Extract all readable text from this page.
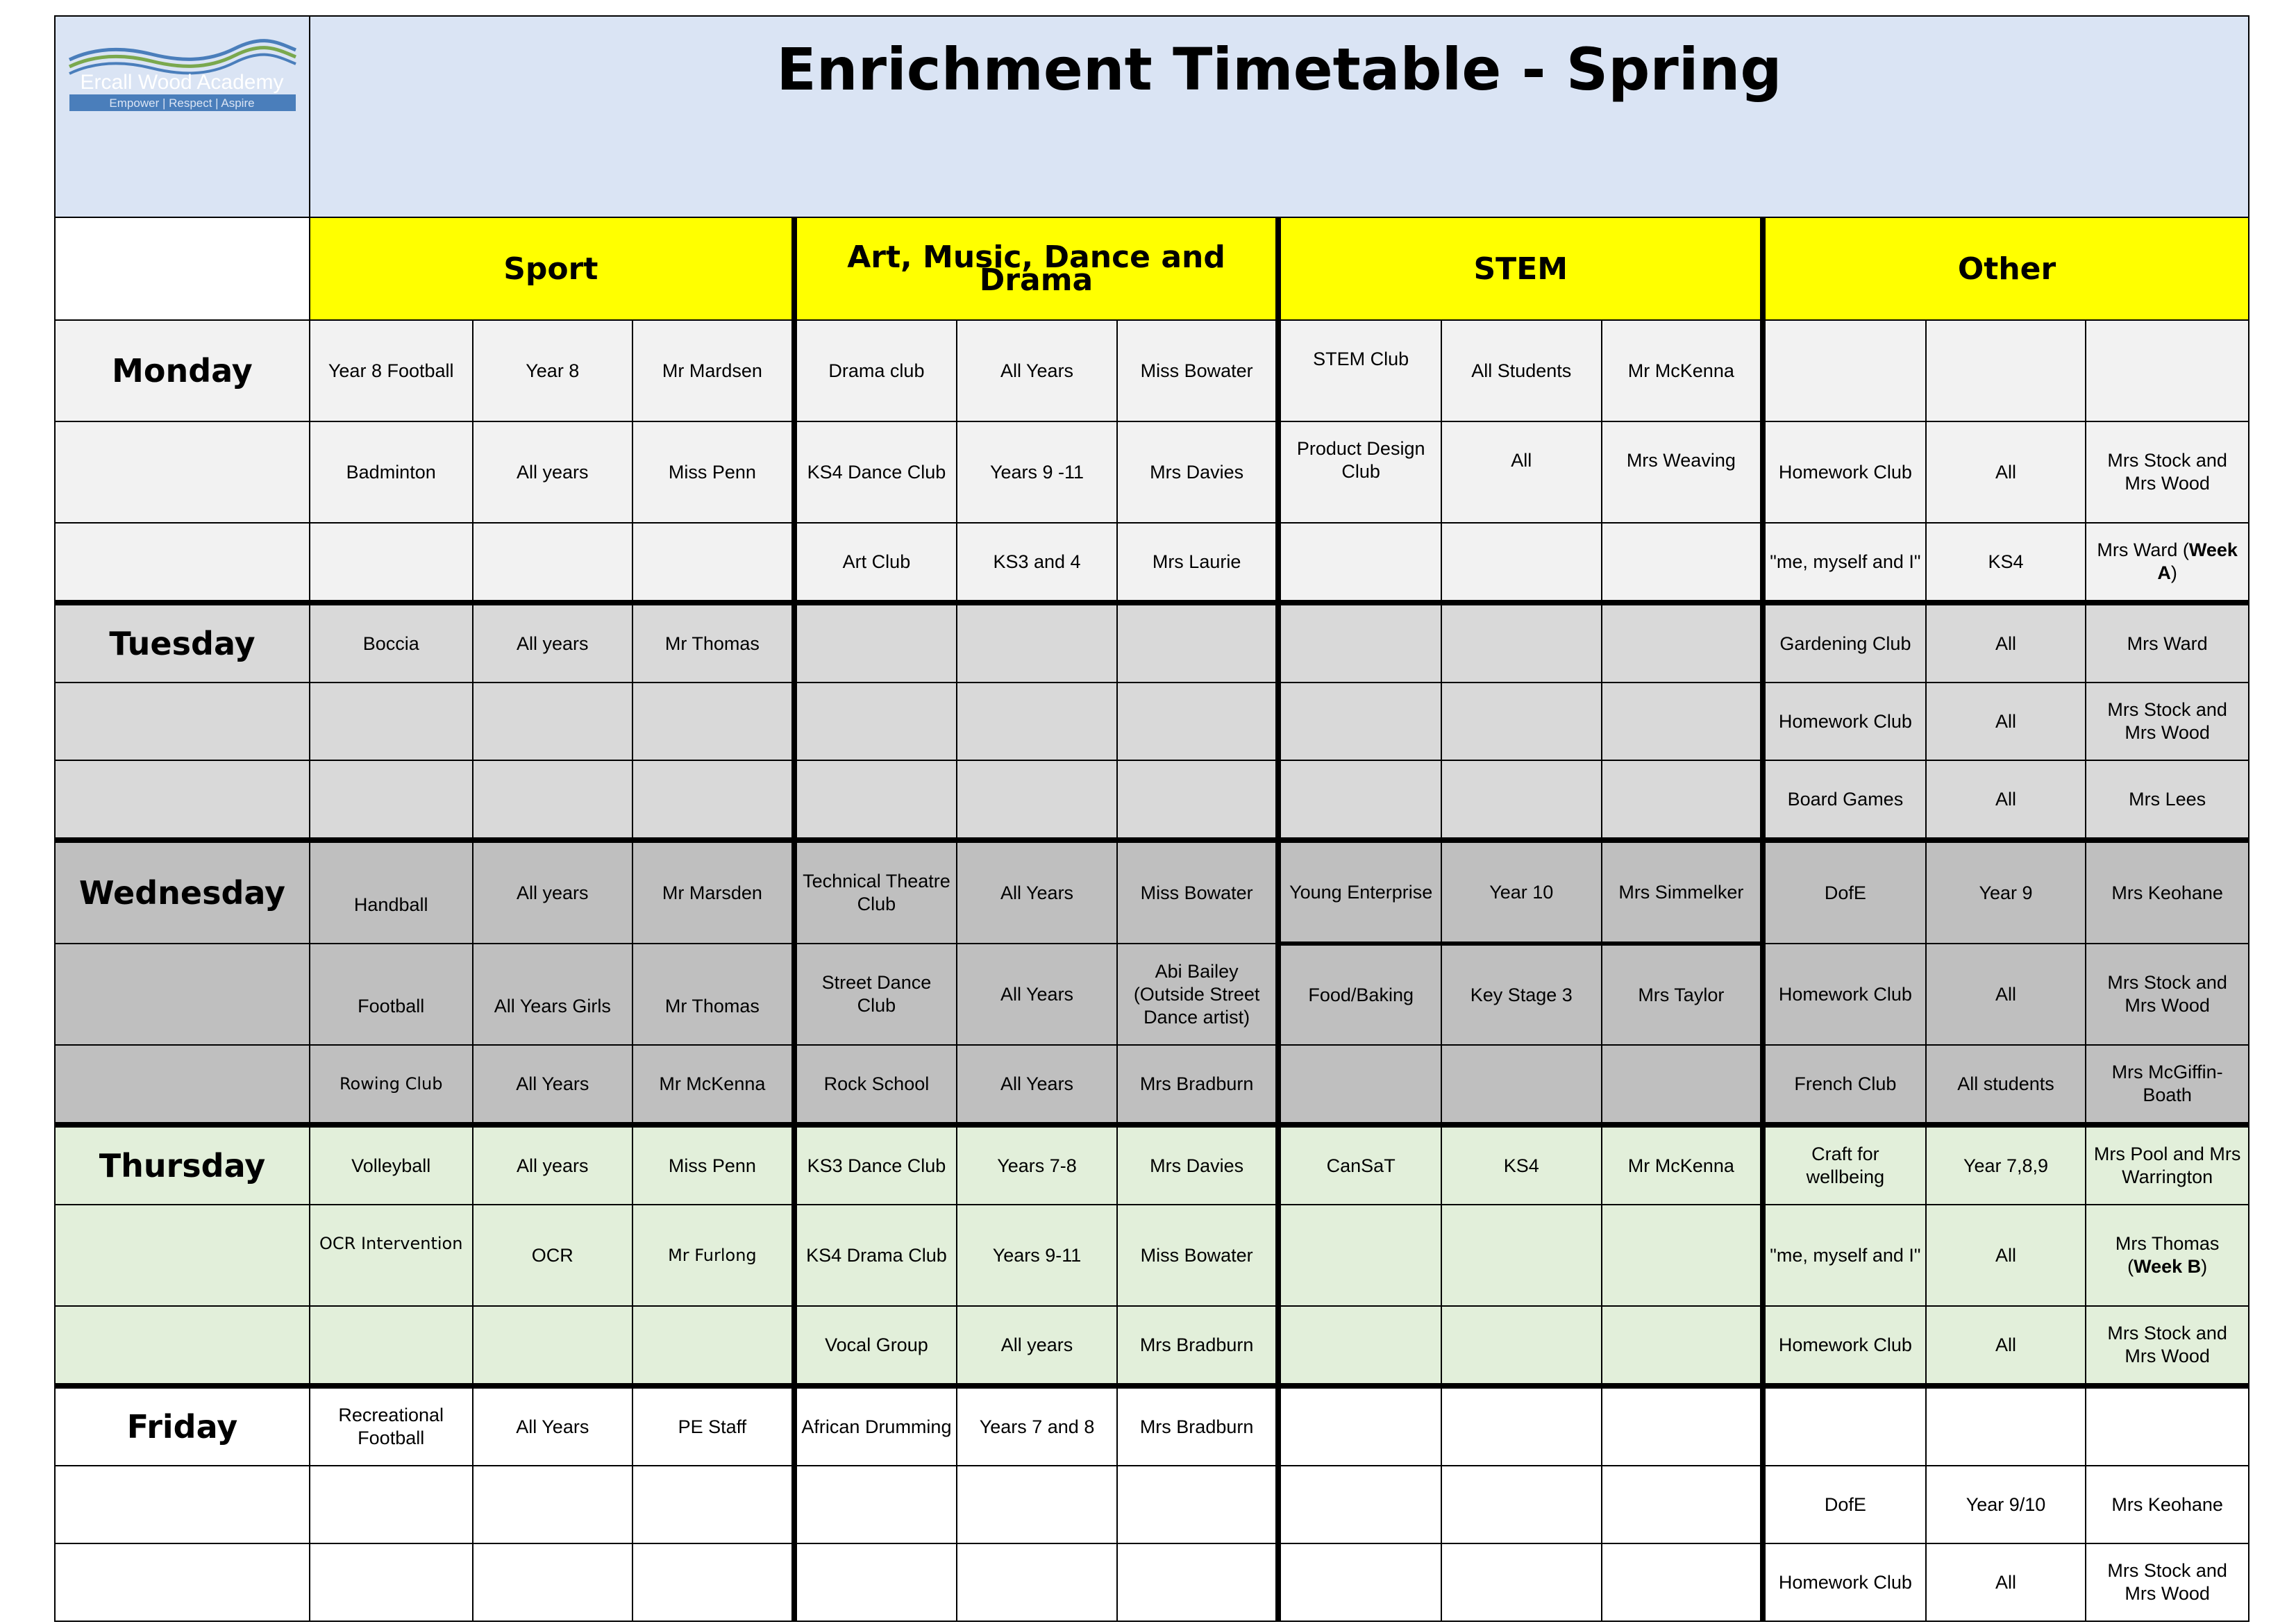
Ercall Wood Academy
Empower | Respect | Aspire	Enrichment Timetable - Spring											
	Sport			Art, Music, Dance and Drama			STEM			Other		
Monday	Year 8 Football	Year 8	Mr Mardsen	Drama club	All Years	Miss Bowater	STEM Club	All Students	Mr McKenna			
	Badminton	All years	Miss Penn	KS4 Dance Club	Years 9 -11	Mrs Davies	Product Design Club	All	Mrs Weaving	Homework Club	All	Mrs Stock and Mrs Wood
				Art Club	KS3 and 4	Mrs Laurie				"me, myself and I"	KS4	Mrs Ward (Week A)
Tuesday	Boccia	All years	Mr Thomas							Gardening Club	All	Mrs Ward
										Homework Club	All	Mrs Stock and Mrs Wood
										Board Games	All	Mrs Lees
Wednesday	Handball	All years	Mr Marsden	Technical Theatre Club	All Years	Miss Bowater	Young Enterprise	Year 10	Mrs Simmelker	DofE	Year 9	Mrs Keohane
	Football	All Years Girls	Mr Thomas	Street Dance Club	All Years	Abi Bailey (Outside Street Dance artist)	Food/Baking	Key Stage 3	Mrs Taylor	Homework Club	All	Mrs Stock and Mrs Wood
	Rowing Club	All Years	Mr McKenna	Rock School	All Years	Mrs Bradburn				French Club	All students	Mrs McGiffin-Boath
Thursday	Volleyball	All years	Miss Penn	KS3 Dance Club	Years 7-8	Mrs Davies	CanSaT	KS4	Mr McKenna	Craft for wellbeing	Year 7,8,9	Mrs Pool and Mrs Warrington
	OCR Intervention	OCR	Mr Furlong	KS4 Drama Club	Years 9-11	Miss Bowater				"me, myself and I"	All	Mrs Thomas (Week B)
				Vocal Group	All years	Mrs Bradburn				Homework Club	All	Mrs Stock and Mrs Wood
Friday	Recreational Football	All Years	PE Staff	African Drumming	Years 7 and 8	Mrs Bradburn						
										DofE	Year 9/10	Mrs Keohane
										Homework Club	All	Mrs Stock and Mrs Wood
